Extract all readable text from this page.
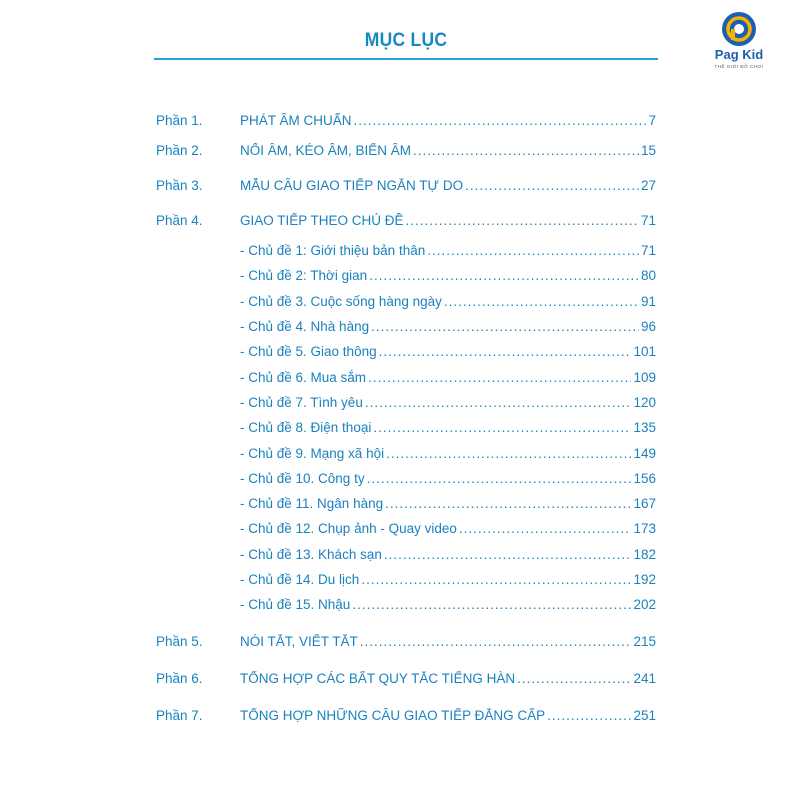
MỤC LỤC
Pag Kid
THẾ GIỚI ĐỒ CHƠI
Phần 1.	PHÁT ÂM CHUẨN .....	7
Phần 2.	NỐI ÂM, KÉO ÂM, BIẾN ÂM .....	15
Phần 3.	MẪU CÂU GIAO TIẾP NGẮN TỰ DO .....	27
Phần 4.	GIAO TIẾP THEO CHỦ ĐỀ .....	71
- Chủ đề 1: Giới thiệu bản thân .....	71
- Chủ đề 2: Thời gian .....	80
- Chủ đề 3. Cuộc sống hàng ngày .....	91
- Chủ đề 4. Nhà hàng .....	96
- Chủ đề 5. Giao thông .....	101
- Chủ đề 6. Mua sắm .....	109
- Chủ đề 7. Tình yêu .....	120
- Chủ đề 8. Điện thoại .....	135
- Chủ đề 9. Mạng xã hội .....	149
- Chủ đề 10. Công ty .....	156
- Chủ đề 11. Ngân hàng .....	167
- Chủ đề 12. Chụp ảnh - Quay video .....	173
- Chủ đề 13. Khách sạn .....	182
- Chủ đề 14. Du lịch .....	192
- Chủ đề 15. Nhậu .....	202
Phần 5.	NÓI TẮT, VIẾT TẮT .....	215
Phần 6.	TỔNG HỢP CÁC BẤT QUY TẮC TIẾNG HÀN .....	241
Phần 7.	TỔNG HỢP NHỮNG CÂU GIAO TIẾP ĐẲNG CẤP .....	251
